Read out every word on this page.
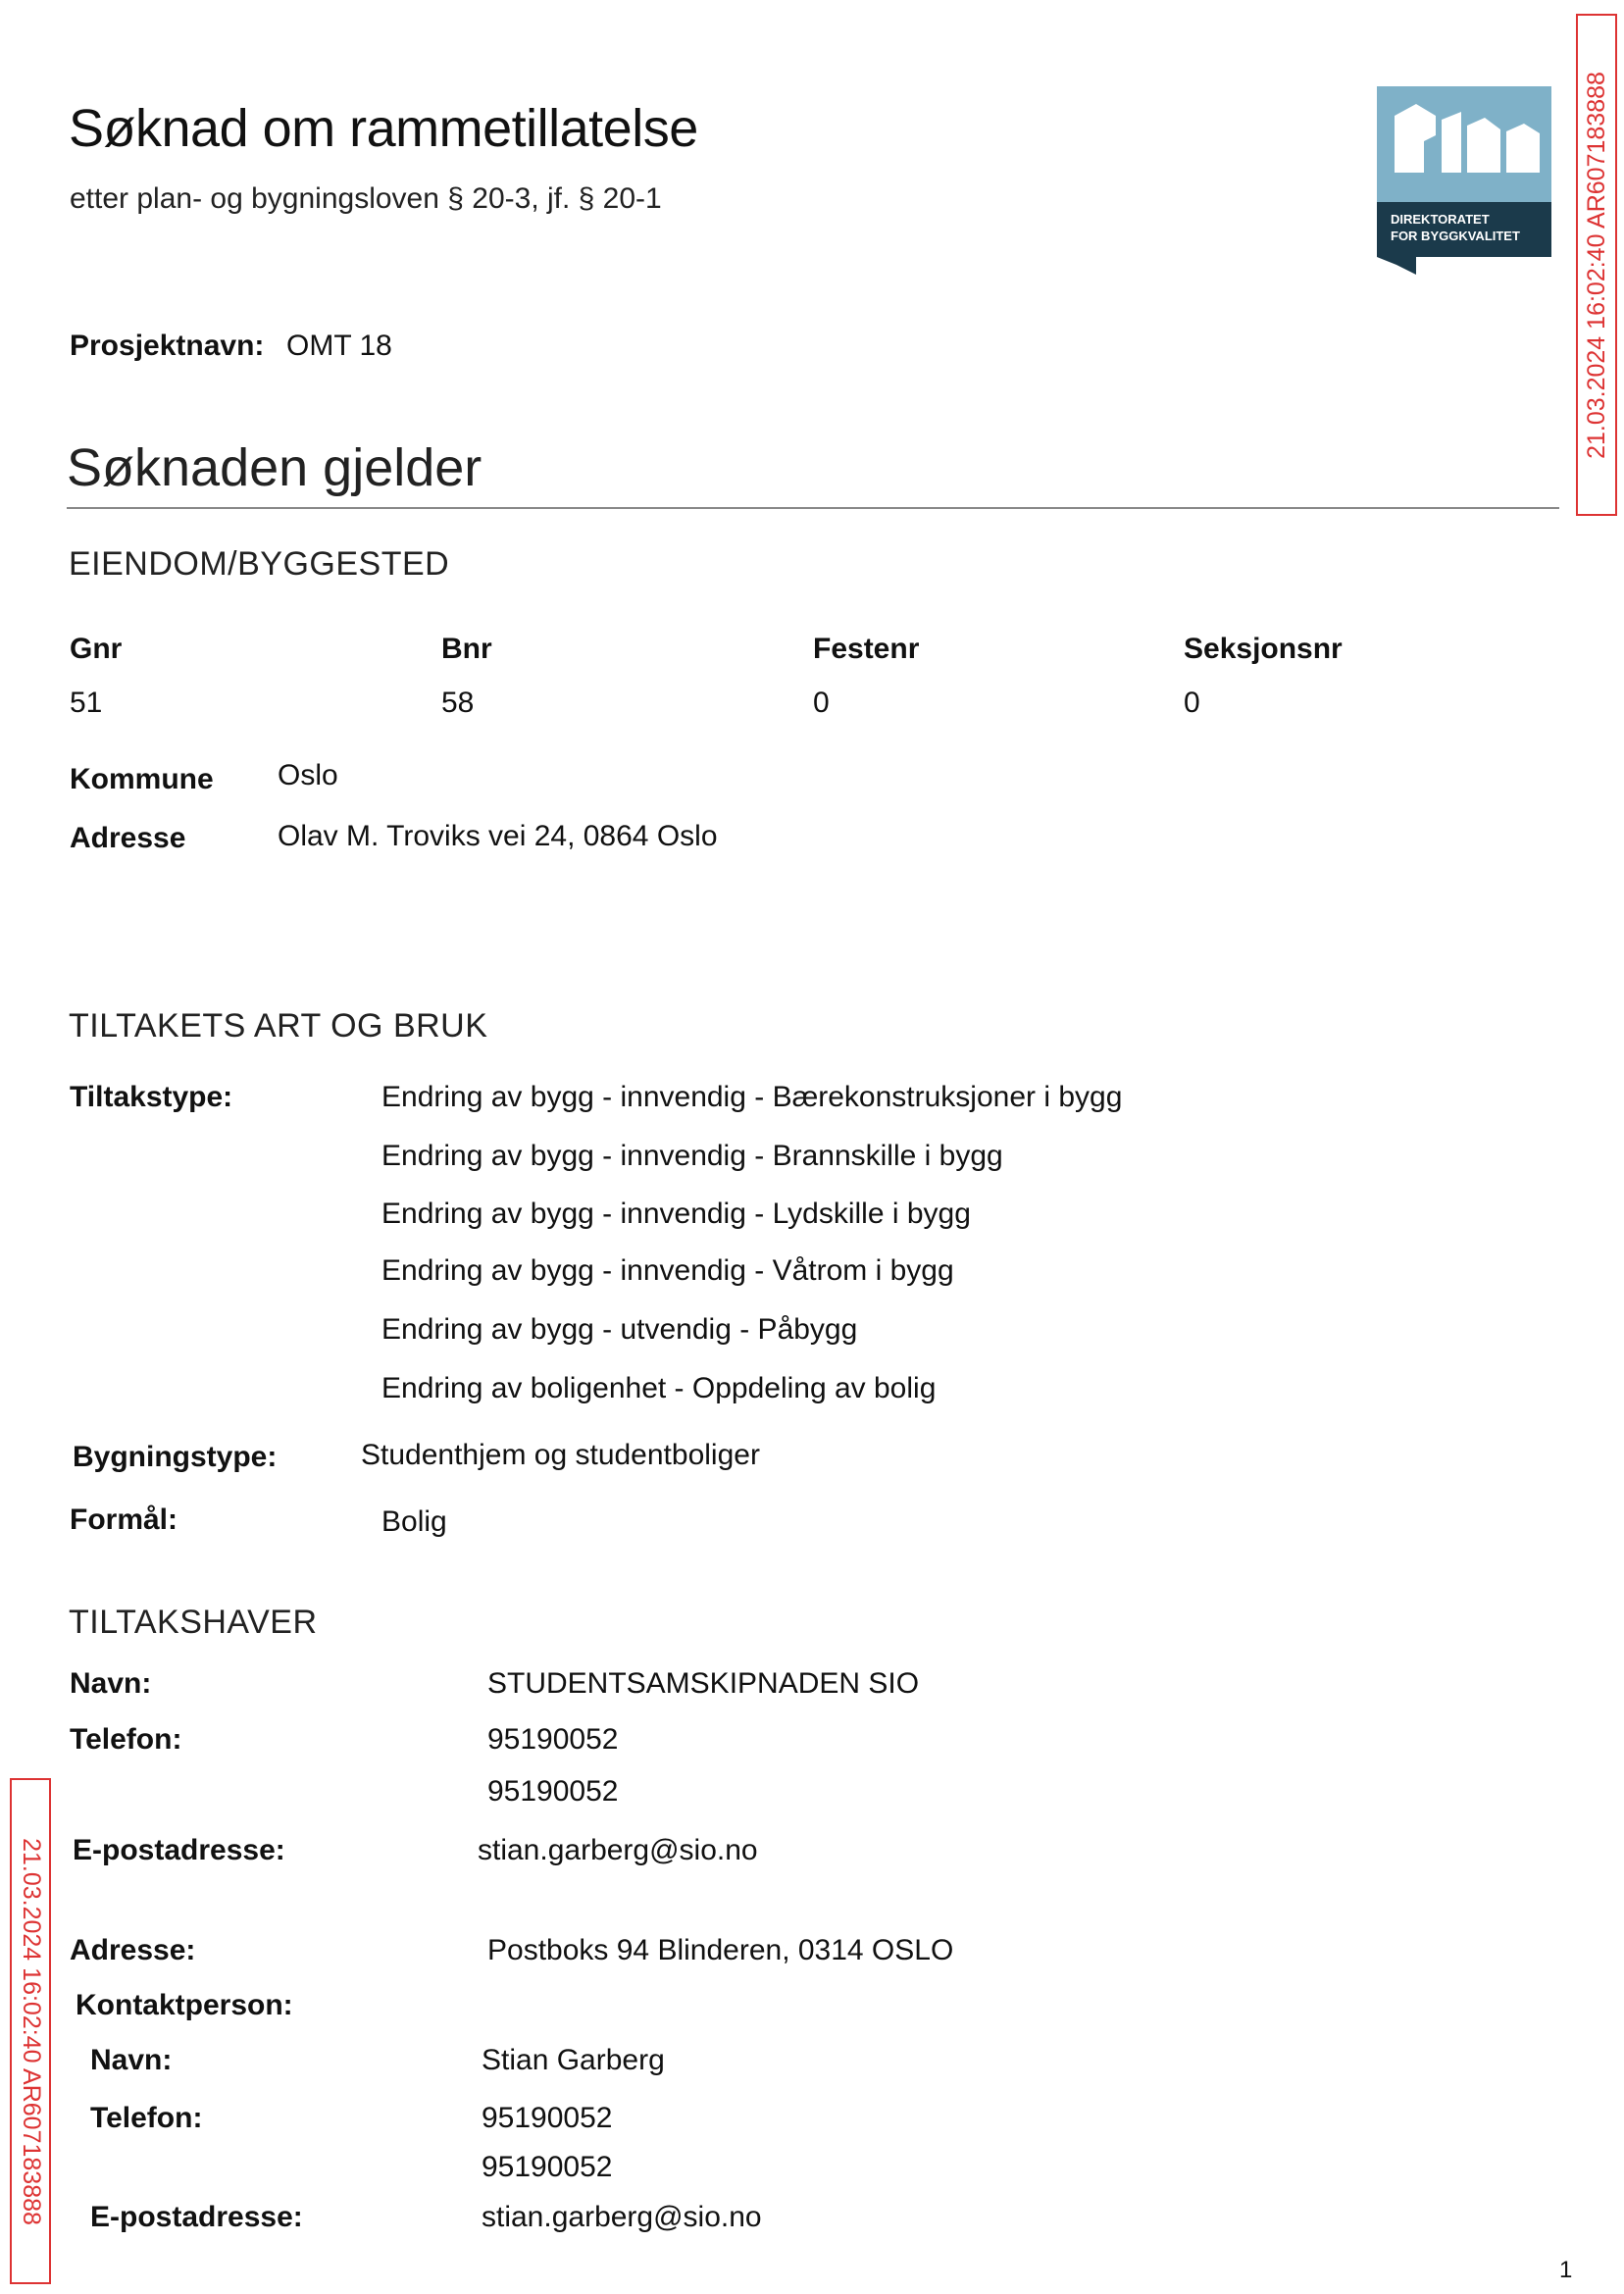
Søknad om rammetillatelse
etter plan- og bygningsloven § 20-3, jf. § 20-1
DIREKTORATET
FOR BYGGKVALITET	21.03.2024 16:02:40 AR607183888
21.03.2024 16:02:40 AR607183888
Prosjektnavn: OMT 18
Søknaden gjelder
EIENDOM/BYGGESTED
Gnr	Bnr	Festenr	Seksjonsnr
51	58	0	0
Kommune Oslo
Adresse	Olav M. Troviks vei 24, 0864 Oslo
TILTAKETS ART OG BRUK
Tiltakstype:	Endring av bygg - innvendig - Bærekonstruksjoner i bygg
Endring av bygg - innvendig - Brannskille i bygg
Endring av bygg - innvendig - Lydskille i bygg
Endring av bygg - innvendig - Våtrom i bygg
Endring av bygg - utvendig - Påbygg
Endring av boligenhet - Oppdeling av bolig
Bygningstype:	Studenthjem og studentboliger
Formål:	Bolig
TILTAKSHAVER
Navn:	STUDENTSAMSKIPNADEN SIO
Telefon:	95190052
95190052
E-postadresse:	stian.garberg@sio.no
Adresse:	Postboks 94 Blinderen, 0314 OSLO
Kontaktperson:
Navn:	Stian Garberg
Telefon:	95190052
95190052
E-postadresse:	stian.garberg@sio.no
1
